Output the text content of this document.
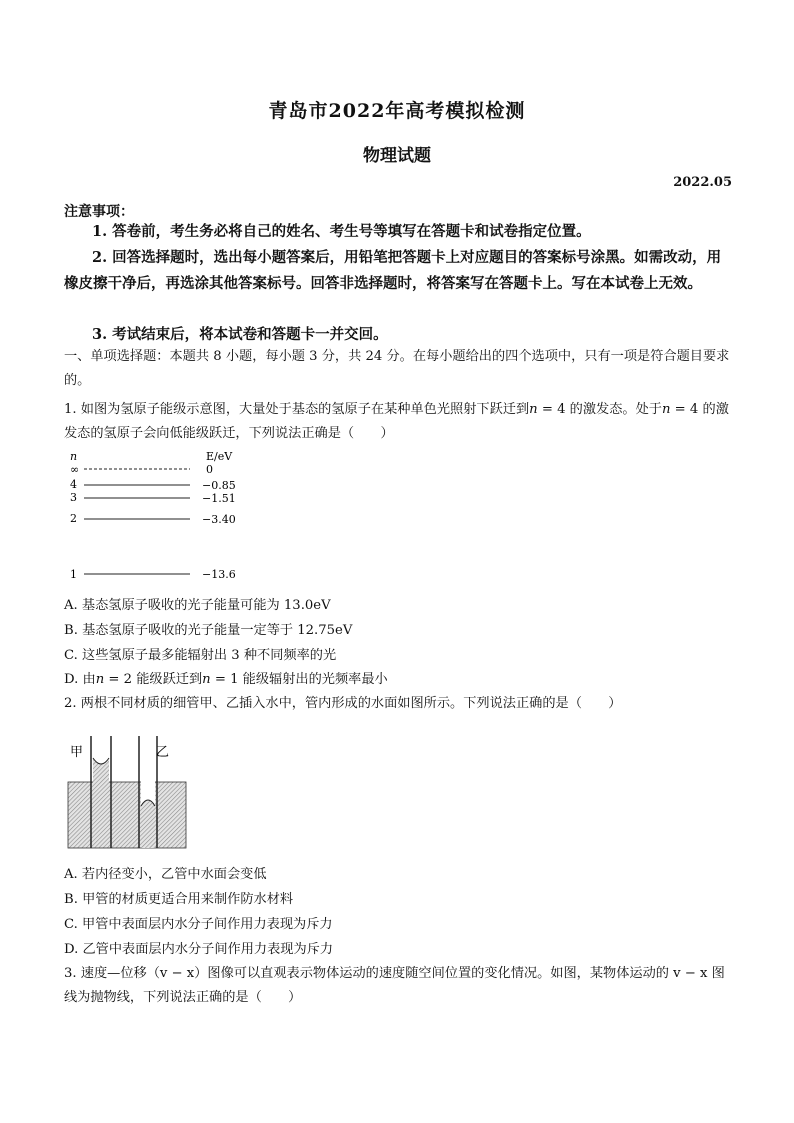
青岛市2022年高考模拟检测
物理试题
2022.05
注意事项：
1. 答卷前，考生务必将自己的姓名、考生号等填写在答题卡和试卷指定位置。
2. 回答选择题时，选出每小题答案后，用铅笔把答题卡上对应题目的答案标号涂黑。如需改动，用橡皮擦干净后，再选涂其他答案标号。回答非选择题时，将答案写在答题卡上。写在本试卷上无效。
3. 考试结束后，将本试卷和答题卡一并交回。
一、单项选择题：本题共 8 小题，每小题 3 分，共 24 分。在每小题给出的四个选项中，只有一项是符合题目要求的。
1. 如图为氢原子能级示意图，大量处于基态的氢原子在某种单色光照射下跃迁到n = 4 的激发态。处于n = 4 的激发态的氢原子会向低能级跃迁，下列说法正确是（　　）
n	E/eV
∞	0
4	−0.85
3	−1.51
2	−3.40
1	−13.6
A. 基态氢原子吸收的光子能量可能为 13.0eV
B. 基态氢原子吸收的光子能量一定等于 12.75eV
C. 这些氢原子最多能辐射出 3 种不同频率的光
D. 由n = 2 能级跃迁到n = 1 能级辐射出的光频率最小
2. 两根不同材质的细管甲、乙插入水中，管内形成的水面如图所示。下列说法正确的是（　　）
甲	乙
A. 若内径变小，乙管中水面会变低
B. 甲管的材质更适合用来制作防水材料
C. 甲管中表面层内水分子间作用力表现为斥力
D. 乙管中表面层内水分子间作用力表现为斥力
3. 速度—位移（v − x）图像可以直观表示物体运动的速度随空间位置的变化情况。如图，某物体运动的 v − x 图线为抛物线，下列说法正确的是（　　）
